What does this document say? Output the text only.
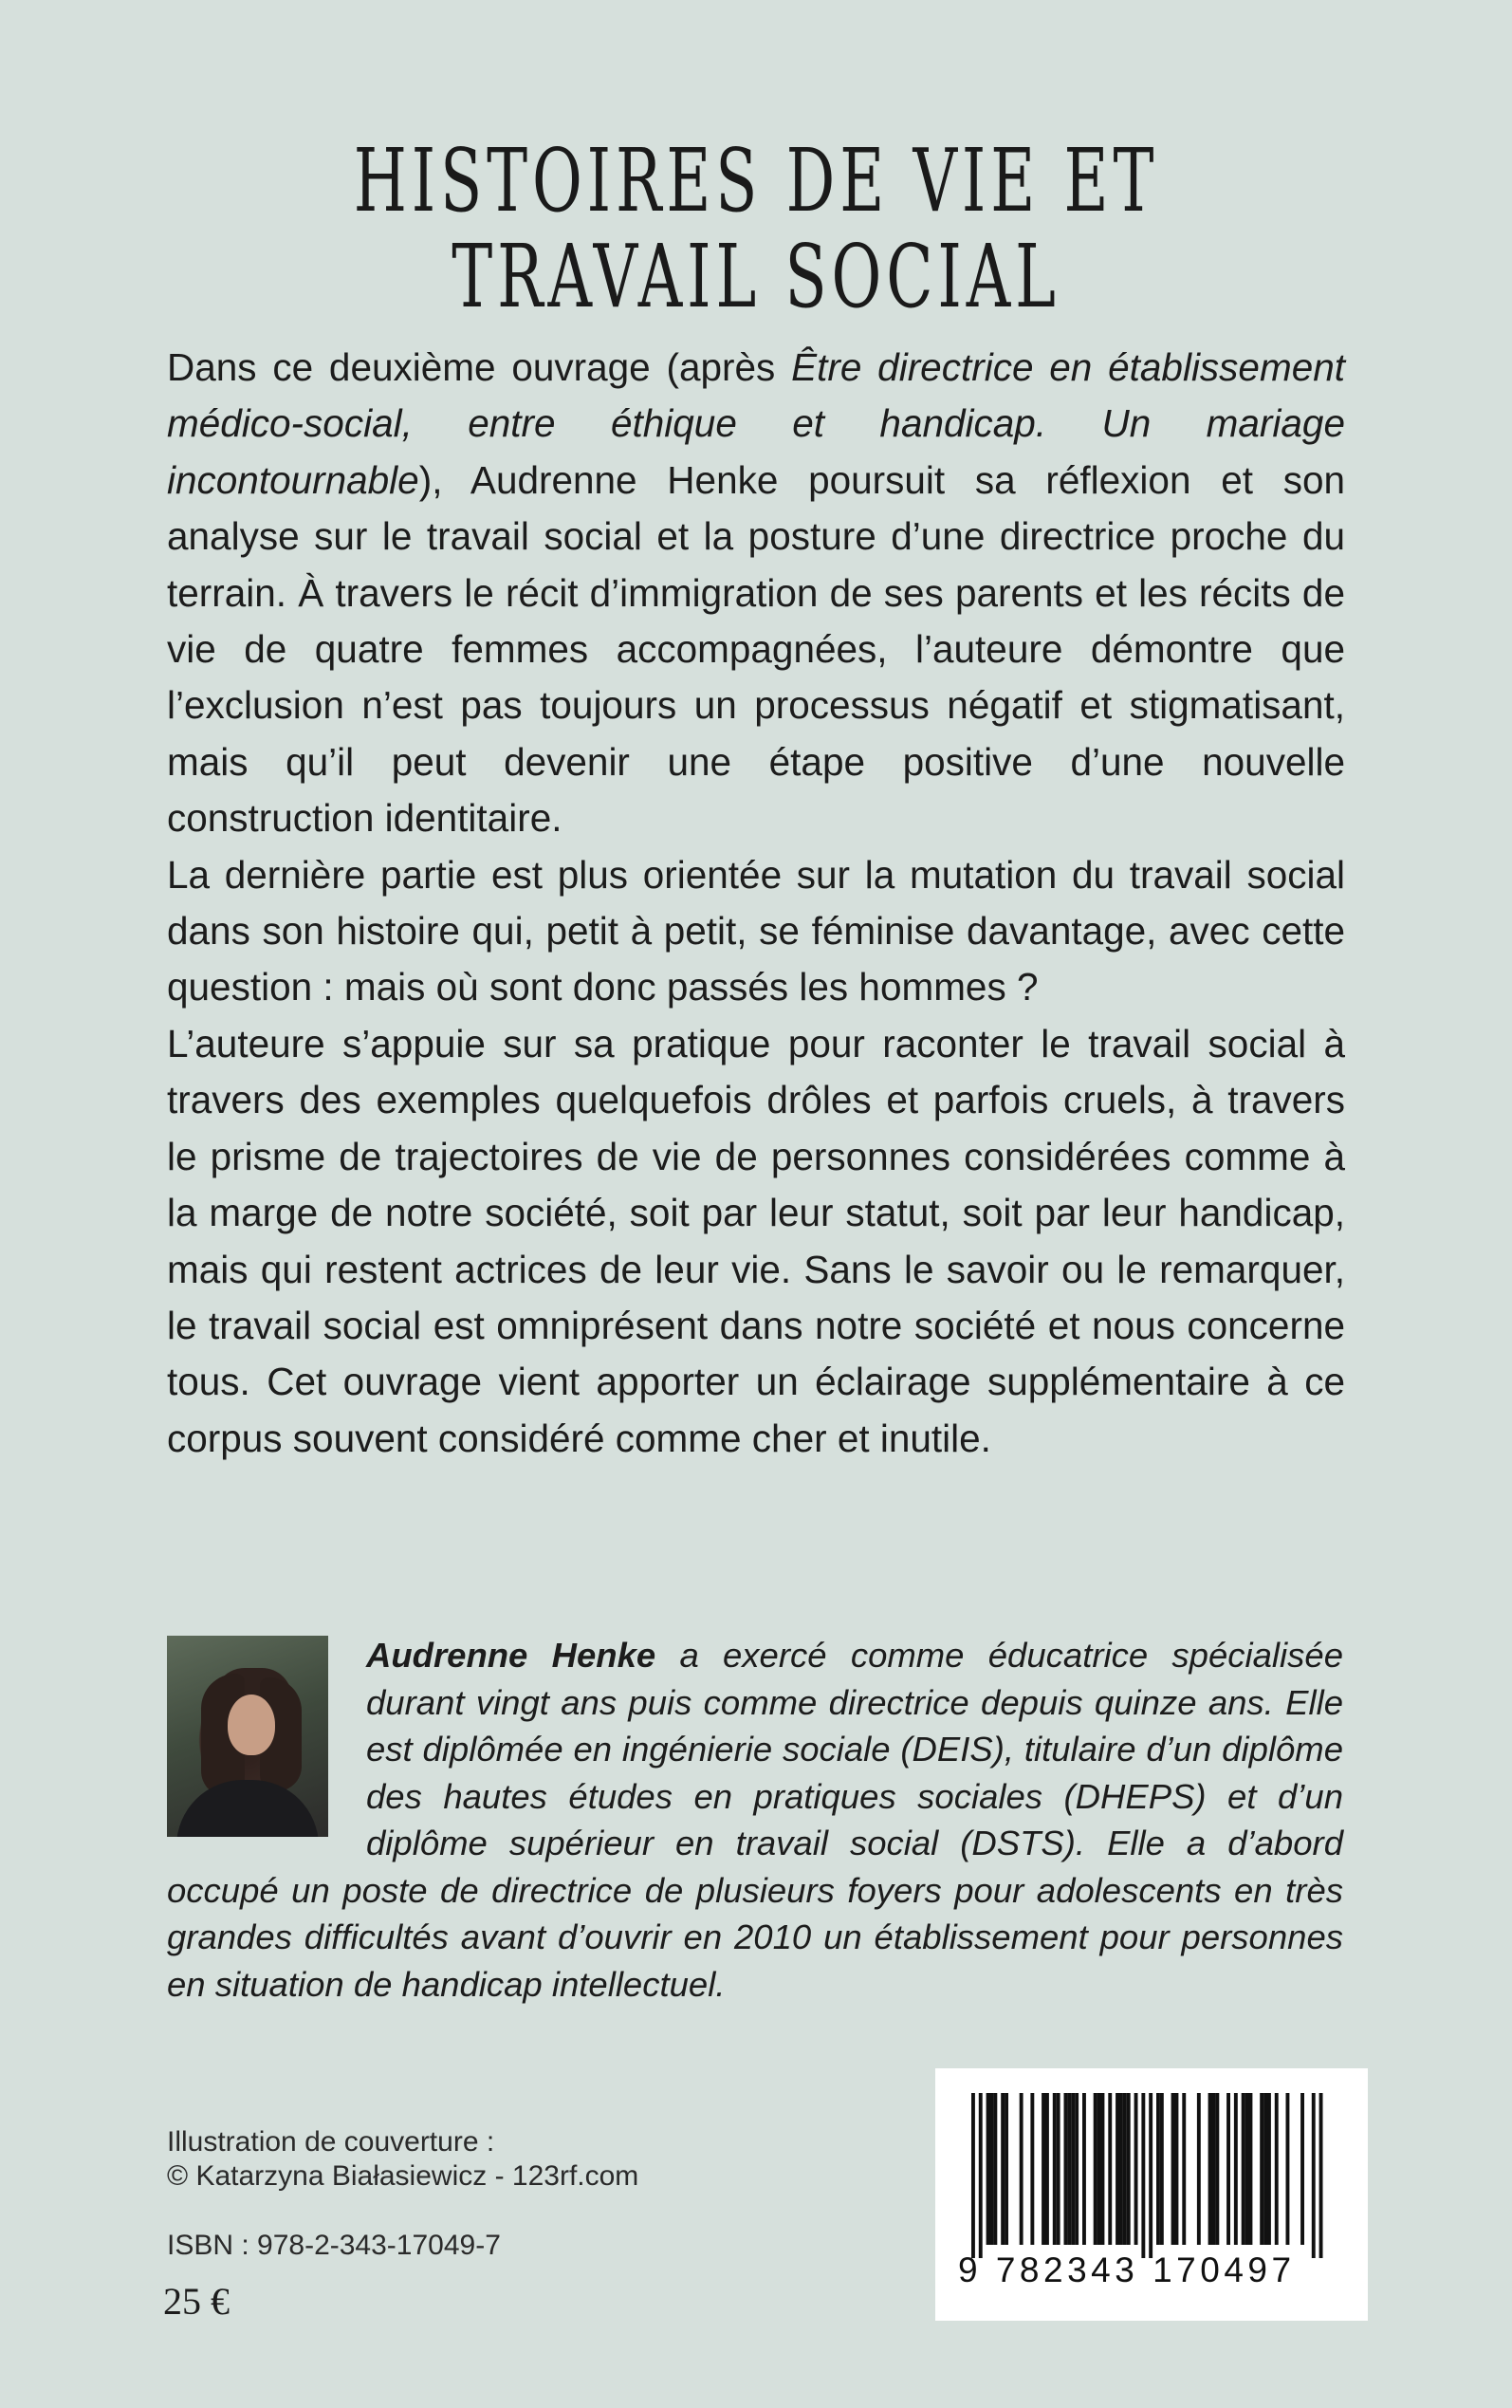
HISTOIRES DE VIE ET TRAVAIL SOCIAL

Dans ce deuxième ouvrage (après Être directrice en établissement médico-social, entre éthique et handicap. Un mariage incontournable), Audrenne Henke poursuit sa réflexion et son analyse sur le travail social et la posture d’une directrice proche du terrain. À travers le récit d’immigration de ses parents et les récits de vie de quatre femmes accompagnées, l’auteure démontre que l’exclusion n’est pas toujours un processus négatif et stigmatisant, mais qu’il peut devenir une étape positive d’une nouvelle construction identitaire.

La dernière partie est plus orientée sur la mutation du travail social dans son histoire qui, petit à petit, se féminise davantage, avec cette question : mais où sont donc passés les hommes ?

L’auteure s’appuie sur sa pratique pour raconter le travail social à travers des exemples quelquefois drôles et parfois cruels, à travers le prisme de trajectoires de vie de personnes considérées comme à la marge de notre société, soit par leur statut, soit par leur handicap, mais qui restent actrices de leur vie. Sans le savoir ou le remarquer, le travail social est omniprésent dans notre société et nous concerne tous. Cet ouvrage vient apporter un éclairage supplémentaire à ce corpus souvent considéré comme cher et inutile.

Audrenne Henke a exercé comme éducatrice spécialisée durant vingt ans puis comme directrice depuis quinze ans. Elle est diplômée en ingénierie sociale (DEIS), titulaire d’un diplôme des hautes études en pratiques sociales (DHEPS) et d’un diplôme supérieur en travail social (DSTS). Elle a d’abord occupé un poste de directrice de plusieurs foyers pour adolescents en très grandes difficultés avant d’ouvrir en 2010 un établissement pour personnes en situation de handicap intellectuel.
Illustration de couverture :
© Katarzyna Białasiewicz - 123rf.com
ISBN : 978-2-343-17049-7
25 €
9 782343 170497
